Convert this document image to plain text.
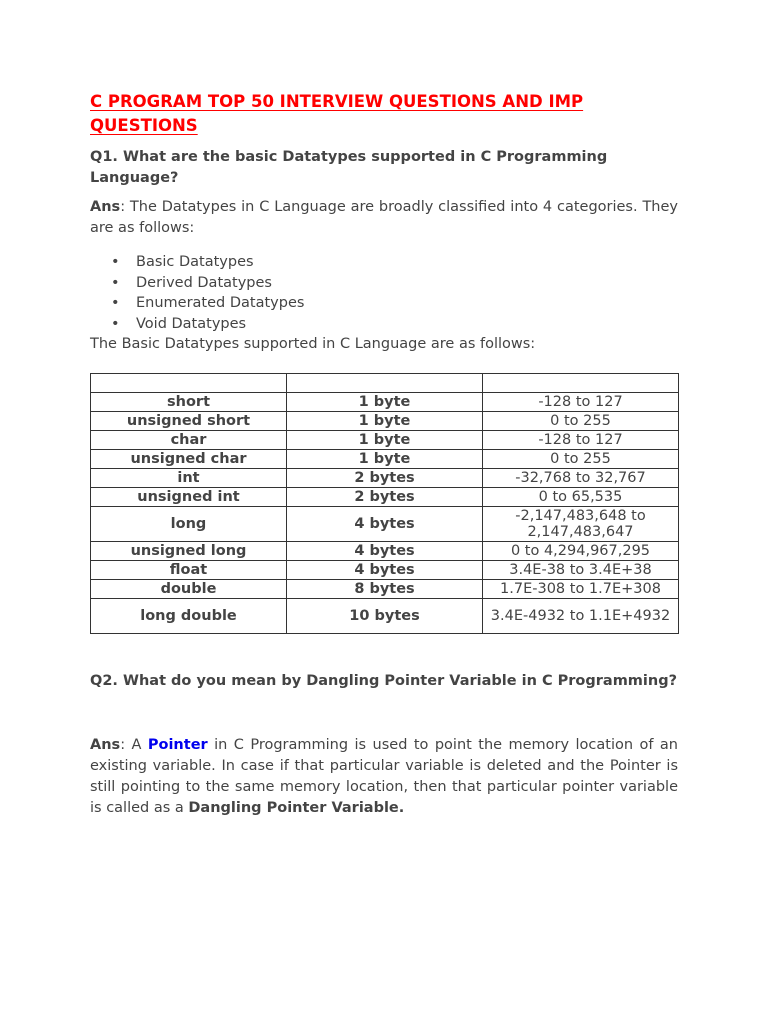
C PROGRAM TOP 50 INTERVIEW QUESTIONS AND IMP QUESTIONS

Q1. What are the basic Datatypes supported in C Programming Language?

Ans: The Datatypes in C Language are broadly classified into 4 categories. They are as follows:

• Basic Datatypes
• Derived Datatypes
• Enumerated Datatypes
• Void Datatypes

The Basic Datatypes supported in C Language are as follows:

short	1 byte	-128 to 127
unsigned short	1 byte	0 to 255
char	1 byte	-128 to 127
unsigned char	1 byte	0 to 255
int	2 bytes	-32,768 to 32,767
unsigned int	2 bytes	0 to 65,535
long	4 bytes	-2,147,483,648 to 2,147,483,647
unsigned long	4 bytes	0 to 4,294,967,295
float	4 bytes	3.4E-38 to 3.4E+38
double	8 bytes	1.7E-308 to 1.7E+308
long double	10 bytes	3.4E-4932 to 1.1E+4932

Q2. What do you mean by Dangling Pointer Variable in C Programming?

Ans: A Pointer in C Programming is used to point the memory location of an existing variable. In case if that particular variable is deleted and the Pointer is still pointing to the same memory location, then that particular pointer variable is called as a Dangling Pointer Variable.
